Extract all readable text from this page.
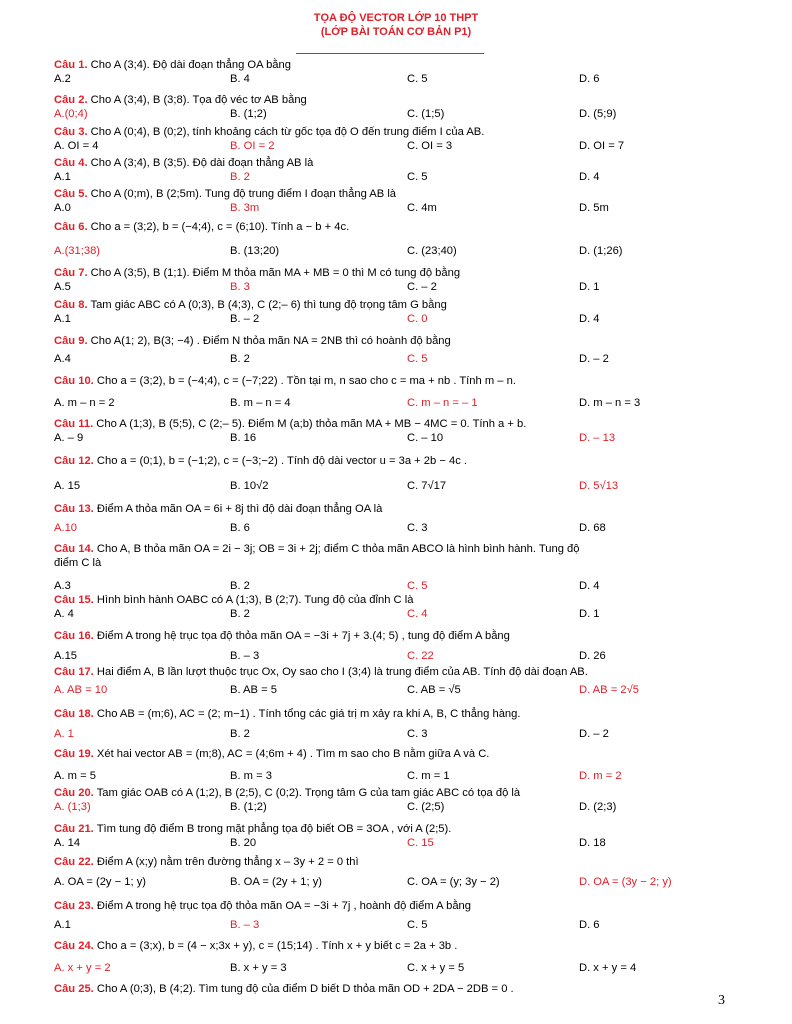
TỌA ĐỘ VECTOR LỚP 10 THPT
(LỚP BÀI TOÁN CƠ BẢN P1)
Câu 1. Cho A (3;4). Độ dài đoạn thẳng OA bằng
A.2	B. 4	C. 5	D. 6
Câu 2. Cho A (3;4), B (3;8). Tọa độ véc tơ AB bằng
A.(0;4)	B. (1;2)	C. (1;5)	D. (5;9)
Câu 3. Cho A (0;4), B (0;2), tính khoảng cách từ gốc tọa độ O đến trung điểm I của AB.
A. OI = 4	B. OI = 2	C. OI = 3	D. OI = 7
Câu 4. Cho A (3;4), B (3;5). Độ dài đoạn thẳng AB là
A.1	B. 2	C. 5	D. 4
Câu 5. Cho A (0;m), B (2;5m). Tung độ trung điểm I đoạn thẳng AB là
A.0	B. 3m	C. 4m	D. 5m
Câu 6. Cho a = (3;2), b = (−4;4), c = (6;10). Tính a − b + 4c.
A.(31;38)	B. (13;20)	C. (23;40)	D. (1;26)
Câu 7. Cho A (3;5), B (1;1). Điểm M thỏa mãn MA + MB = 0 thì M có tung độ bằng
A.5	B. 3	C. – 2	D. 1
Câu 8. Tam giác ABC có A (0;3), B (4;3), C (2;– 6) thì tung độ trọng tâm G bằng
A.1	B. – 2	C. 0	D. 4
Câu 9. Cho A(1; 2), B(3; −4) . Điểm N thỏa mãn NA = 2NB thì có hoành độ bằng
A.4	B. 2	C. 5	D. – 2
Câu 10. Cho a = (3;2), b = (−4;4), c = (−7;22) . Tồn tại m, n sao cho c = ma + nb . Tính m – n.
A. m – n = 2	B. m – n = 4	C. m – n = – 1	D. m – n = 3
Câu 11. Cho A (1;3), B (5;5), C (2;– 5). Điểm M (a;b) thỏa mãn MA + MB − 4MC = 0. Tính a + b.
A. – 9	B. 16	C. – 10	D. – 13
Câu 12. Cho a = (0;1), b = (−1;2), c = (−3;−2) . Tính độ dài vector u = 3a + 2b − 4c .
A. 15	B. 10√2	C. 7√17	D. 5√13
Câu 13. Điểm A thỏa mãn OA = 6i + 8j thì độ dài đoạn thẳng OA là
A.10	B. 6	C. 3	D. 68
Câu 14. Cho A, B thỏa mãn OA = 2i − 3j; OB = 3i + 2j; điểm C thỏa mãn ABCO là hình bình hành. Tung độ
điểm C là
A.3	B. 2	C. 5	D. 4
Câu 15. Hình bình hành OABC có A (1;3), B (2;7). Tung độ của đỉnh C là
A. 4	B. 2	C. 4	D. 1
Câu 16. Điểm A trong hệ trục tọa độ thỏa mãn OA = −3i + 7j + 3.(4; 5) , tung độ điểm A bằng
A.15	B. – 3	C. 22	D. 26
Câu 17. Hai điểm A, B lần lượt thuộc trục Ox, Oy sao cho I (3;4) là trung điểm của AB. Tính độ dài đoạn AB.
A. AB = 10	B. AB = 5	C. AB = √5	D. AB = 2√5
Câu 18. Cho AB = (m;6), AC = (2; m−1) . Tính tổng các giá trị m xảy ra khi A, B, C thẳng hàng.
A. 1	B. 2	C. 3	D. – 2
Câu 19. Xét hai vector AB = (m;8), AC = (4;6m + 4) . Tìm m sao cho B nằm giữa A và C.
A. m = 5	B. m = 3	C. m = 1	D. m = 2
Câu 20. Tam giác OAB có A (1;2), B (2;5), C (0;2). Trọng tâm G của tam giác ABC có tọa độ là
A. (1;3)	B. (1;2)	C. (2;5)	D. (2;3)
Câu 21. Tìm tung độ điểm B trong mặt phẳng tọa độ biết OB = 3OA , với A (2;5).
A. 14	B. 20	C. 15	D. 18
Câu 22. Điểm A (x;y) nằm trên đường thẳng x – 3y + 2 = 0 thì
A. OA = (2y − 1; y)	B. OA = (2y + 1; y)	C. OA = (y; 3y − 2)	D. OA = (3y − 2; y)
Câu 23. Điểm A trong hệ trục tọa độ thỏa mãn OA = −3i + 7j , hoành độ điểm A bằng
A.1	B. – 3	C. 5	D. 6
Câu 24. Cho a = (3;x), b = (4 − x;3x + y), c = (15;14) . Tính x + y biết c = 2a + 3b .
A. x + y = 2	B. x + y = 3	C. x + y = 5	D. x + y = 4
Câu 25. Cho A (0;3), B (4;2). Tìm tung độ của điểm D biết D thỏa mãn OD + 2DA − 2DB = 0 .
3
